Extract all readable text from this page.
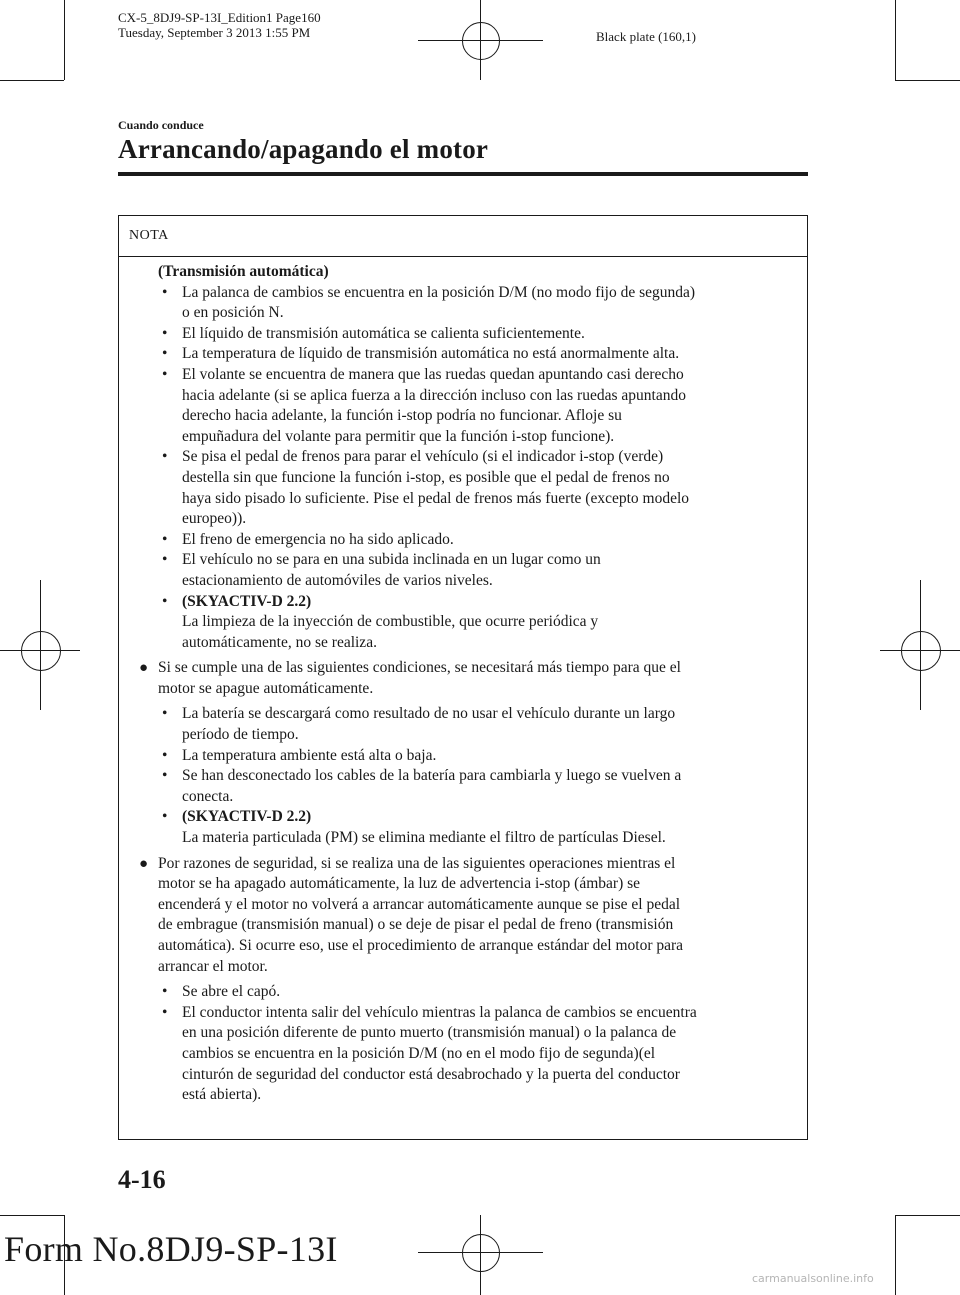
CX-5_8DJ9-SP-13I_Edition1 Page160
Tuesday, September 3 2013 1:55 PM	Black plate (160,1)
Cuando conduce
Arrancando/apagando el motor
NOTA

(Transmisión automática)

• La palanca de cambios se encuentra en la posición D/M (no modo fijo de segunda)

o en posición N.

• El líquido de transmisión automática se calienta suficientemente.

• La temperatura de líquido de transmisión automática no está anormalmente alta.

• El volante se encuentra de manera que las ruedas quedan apuntando casi derecho

hacia adelante (si se aplica fuerza a la dirección incluso con las ruedas apuntando

derecho hacia adelante, la función i-stop podría no funcionar. Afloje su

empuñadura del volante para permitir que la función i-stop funcione).

• Se pisa el pedal de frenos para parar el vehículo (si el indicador i-stop (verde)

destella sin que funcione la función i-stop, es posible que el pedal de frenos no

haya sido pisado lo suficiente. Pise el pedal de frenos más fuerte (excepto modelo

europeo)).

• El freno de emergencia no ha sido aplicado.

• El vehículo no se para en una subida inclinada en un lugar como un

estacionamiento de automóviles de varios niveles.

• (SKYACTIV-D 2.2)

La limpieza de la inyección de combustible, que ocurre periódica y

automáticamente, no se realiza.

● Si se cumple una de las siguientes condiciones, se necesitará más tiempo para que el

motor se apague automáticamente.

• La batería se descargará como resultado de no usar el vehículo durante un largo

período de tiempo.

• La temperatura ambiente está alta o baja.

• Se han desconectado los cables de la batería para cambiarla y luego se vuelven a

conecta.

• (SKYACTIV-D 2.2)

La materia particulada (PM) se elimina mediante el filtro de partículas Diesel.

● Por razones de seguridad, si se realiza una de las siguientes operaciones mientras el

motor se ha apagado automáticamente, la luz de advertencia i-stop (ámbar) se

encenderá y el motor no volverá a arrancar automáticamente aunque se pise el pedal

de embrague (transmisión manual) o se deje de pisar el pedal de freno (transmisión

automática). Si ocurre eso, use el procedimiento de arranque estándar del motor para

arrancar el motor.

• Se abre el capó.

• El conductor intenta salir del vehículo mientras la palanca de cambios se encuentra

en una posición diferente de punto muerto (transmisión manual) o la palanca de

cambios se encuentra en la posición D/M (no en el modo fijo de segunda)(el

cinturón de seguridad del conductor está desabrochado y la puerta del conductor

está abierta).

4-16
Form No.8DJ9-SP-13I
carmanualsonline.info
